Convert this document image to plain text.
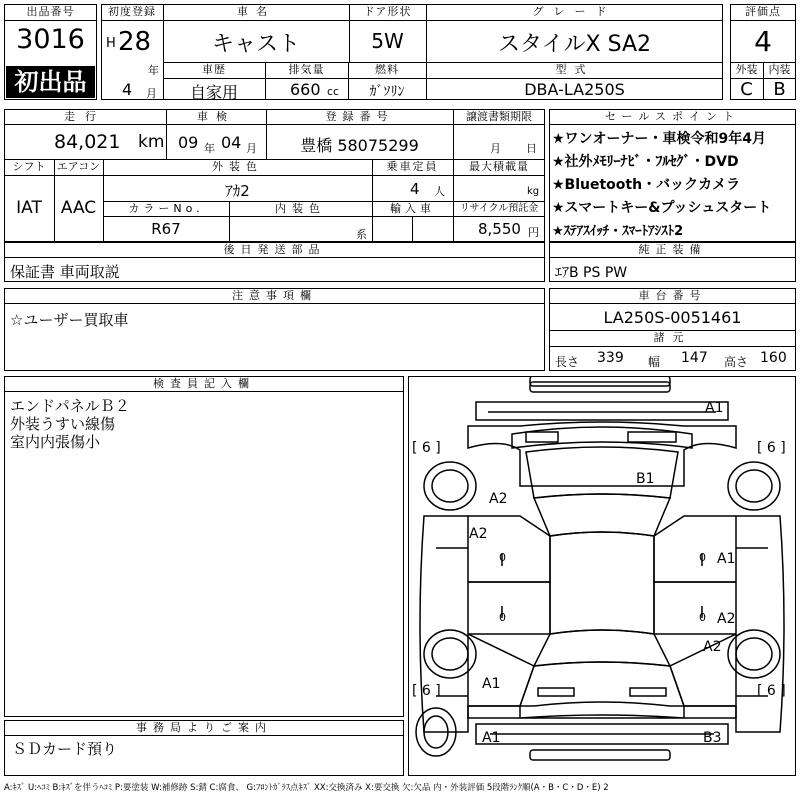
出品番号
3016
初出品
初度登録
H 28
年
4 月
車名
キャスト
ドア形状
5W
グレード
スタイルX SA2
車歴
自家用
排気量
660 cc
燃料
ｶﾞｿﾘﾝ
型式
DBA-LA250S
評価点
4
外装	内装
C	B
走行
84,021 km
車検
09 年 04 月
登録番号
豊橋 58075299
譲渡書類期限
月 日
シフト
IAT
エアコン
AAC
外装色
ｱｶ2
乗車定員
4 人
最大積載量
kg
カラーNo.
R67
内装色
系
輸入車	リサイクル預託金
8,550 円
後日発送部品
保証書 車両取説
セールスポイント
★ワンオーナー・車検令和9年4月
★社外ﾒﾓﾘｰﾅﾋﾞ・ﾌﾙｾｸﾞ・DVD
★Bluetooth・バックカメラ
★スマートキー&プッシュスタート
★ｽﾃｱｽｲｯﾁ・ｽﾏｰﾄｱｼｽﾄ2
純正装備
ｴｱB PS PW
注意事項欄
☆ユーザー買取車
車台番号
LA250S-0051461
諸元
長さ 339 幅 147 高さ 160
検査員記入欄
エンドパネルＢ２
外装うすい線傷
室内内張傷小
事務局よりご案内
ＳＤカード預り
[ 6 ]	[ 6 ]
[ 6 ]	[ 6 ]
A1
B1
A2
A2
A1
A2
A2
A1
A1	B3
0	0
0	0
A:ｷｽﾞ U:ﾍｺﾐ B:ｷｽﾞを伴うﾍｺﾐ P:要塗装 W:補修跡 S:錆 C:腐食、 G:ﾌﾛﾝﾄｶﾞﾗｽ点ｷｽﾞ XX:交換済み X:要交換 欠:欠品 内・外装評価 5段階ﾗﾝｸ順(A・B・C・D・E) 2
